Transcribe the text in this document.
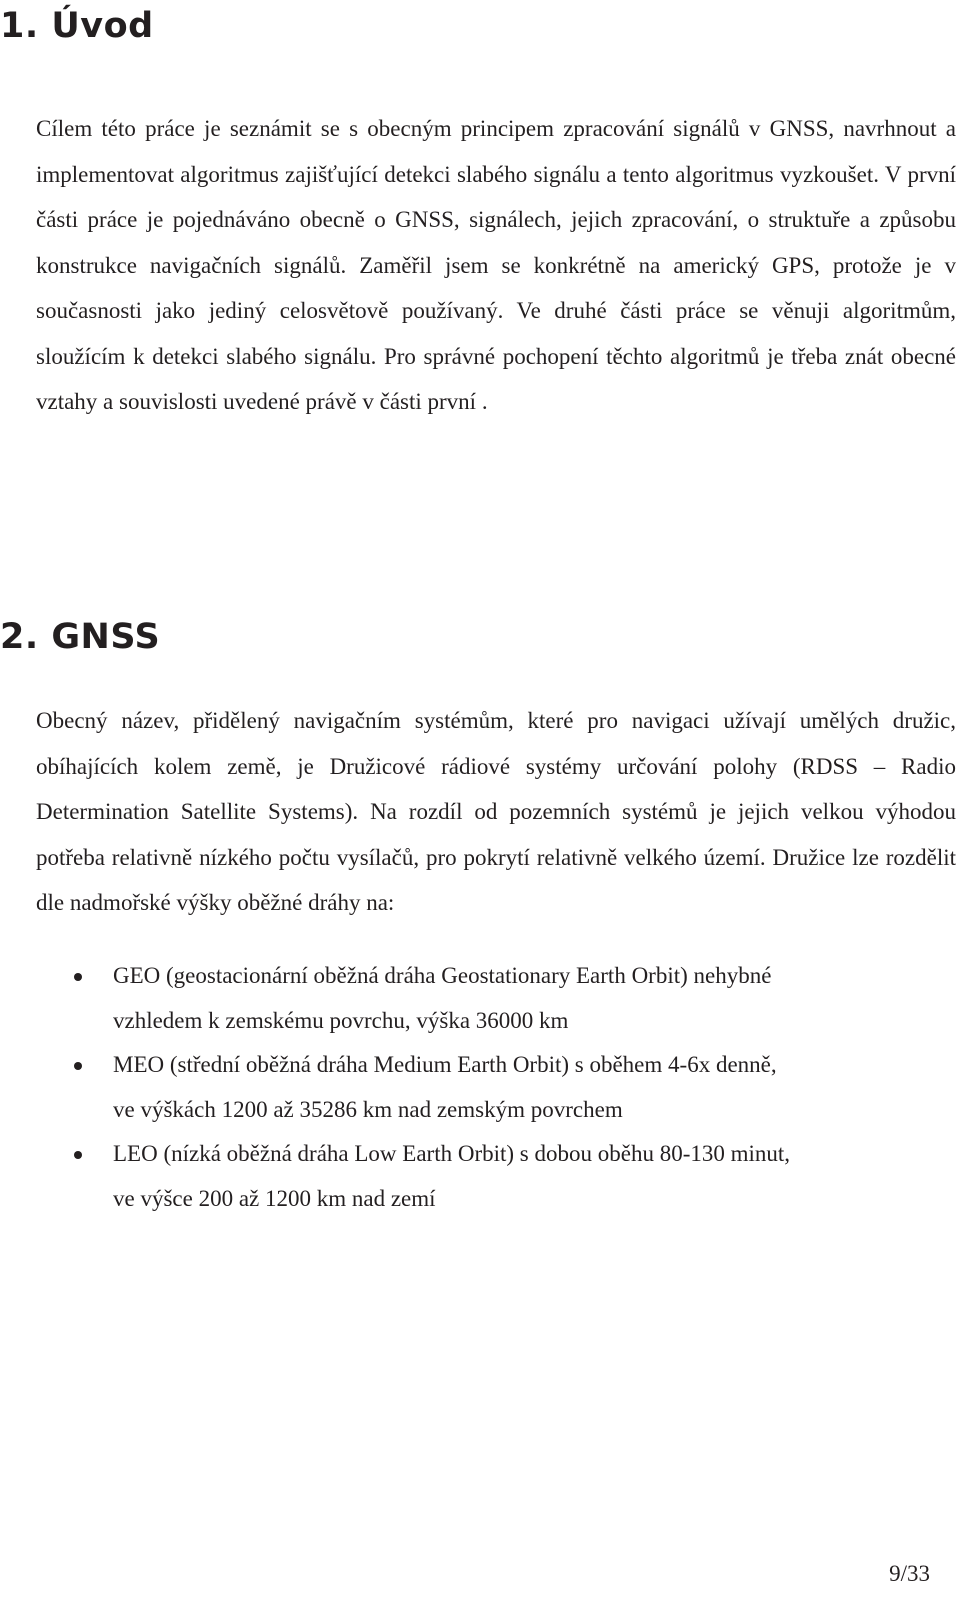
1. Úvod

Cílem této práce je seznámit se s obecným principem zpracování signálů v GNSS, navrhnout a implementovat algoritmus zajišťující detekci slabého signálu a tento algoritmus vyzkoušet. V první části práce je pojednáváno obecně o GNSS, signálech, jejich zpracování, o struktuře a způsobu konstrukce navigačních signálů. Zaměřil jsem se konkrétně na americký GPS, protože je v současnosti jako jediný celosvětově používaný. Ve druhé části práce se věnuji algoritmům, sloužícím k detekci slabého signálu. Pro správné pochopení těchto algoritmů je třeba znát obecné vztahy a souvislosti uvedené právě v části první .

2. GNSS

Obecný název, přidělený navigačním systémům, které pro navigaci užívají umělých družic, obíhajících kolem země, je Družicové rádiové systémy určování polohy (RDSS – Radio Determination Satellite Systems). Na rozdíl od pozemních systémů je jejich velkou výhodou potřeba relativně nízkého počtu vysílačů, pro pokrytí relativně velkého území. Družice lze rozdělit dle nadmořské výšky oběžné dráhy na:

GEO (geostacionární oběžná dráha Geostationary Earth Orbit) nehybné
vzhledem k zemskému povrchu, výška 36000 km
MEO (střední oběžná dráha Medium Earth Orbit) s oběhem 4-6x denně,
ve výškách 1200 až 35286 km nad zemským povrchem
LEO (nízká oběžná dráha Low Earth Orbit) s dobou oběhu 80-130 minut,
ve výšce 200 až 1200 km nad zemí

9/33
